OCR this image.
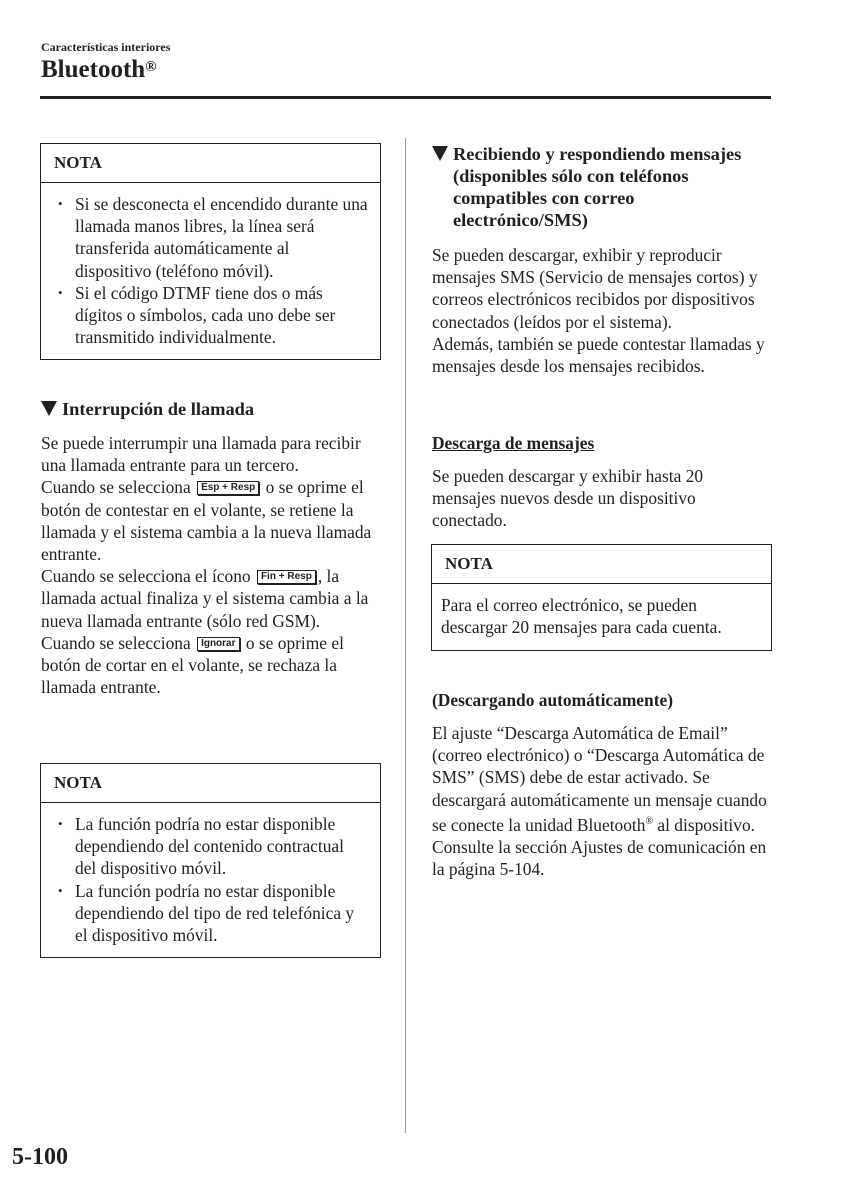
Características interiores
Bluetooth®
NOTA
• Si se desconecta el encendido durante una llamada manos libres, la línea será transferida automáticamente al dispositivo (teléfono móvil).
• Si el código DTMF tiene dos o más dígitos o símbolos, cada uno debe ser transmitido individualmente.
Interrupción de llamada

Se puede interrumpir una llamada para recibir una llamada entrante para un tercero.

Cuando se selecciona Esp + Resp o se oprime el botón de contestar en el volante, se retiene la llamada y el sistema cambia a la nueva llamada entrante.

Cuando se selecciona el ícono Fin + Resp , la llamada actual finaliza y el sistema cambia a la nueva llamada entrante (sólo red GSM).

Cuando se selecciona Ignorar o se oprime el botón de cortar en el volante, se rechaza la llamada entrante.

NOTA
• La función podría no estar disponible dependiendo del contenido contractual del dispositivo móvil.
• La función podría no estar disponible dependiendo del tipo de red telefónica y el dispositivo móvil.
Recibiendo y respondiendo mensajes (disponibles sólo con teléfonos compatibles con correo electrónico/SMS)

Se pueden descargar, exhibir y reproducir mensajes SMS (Servicio de mensajes cortos) y correos electrónicos recibidos por dispositivos conectados (leídos por el sistema).

Además, también se puede contestar llamadas y mensajes desde los mensajes recibidos.

Descarga de mensajes

Se pueden descargar y exhibir hasta 20 mensajes nuevos desde un dispositivo conectado.

NOTA
Para el correo electrónico, se pueden descargar 20 mensajes para cada cuenta.
(Descargando automáticamente)

El ajuste “Descarga Automática de Email” (correo electrónico) o “Descarga Automática de SMS” (SMS) debe de estar activado. Se descargará automáticamente un mensaje cuando se conecte la unidad Bluetooth® al dispositivo.

Consulte la sección Ajustes de comunicación en la página 5-104.

5-100
